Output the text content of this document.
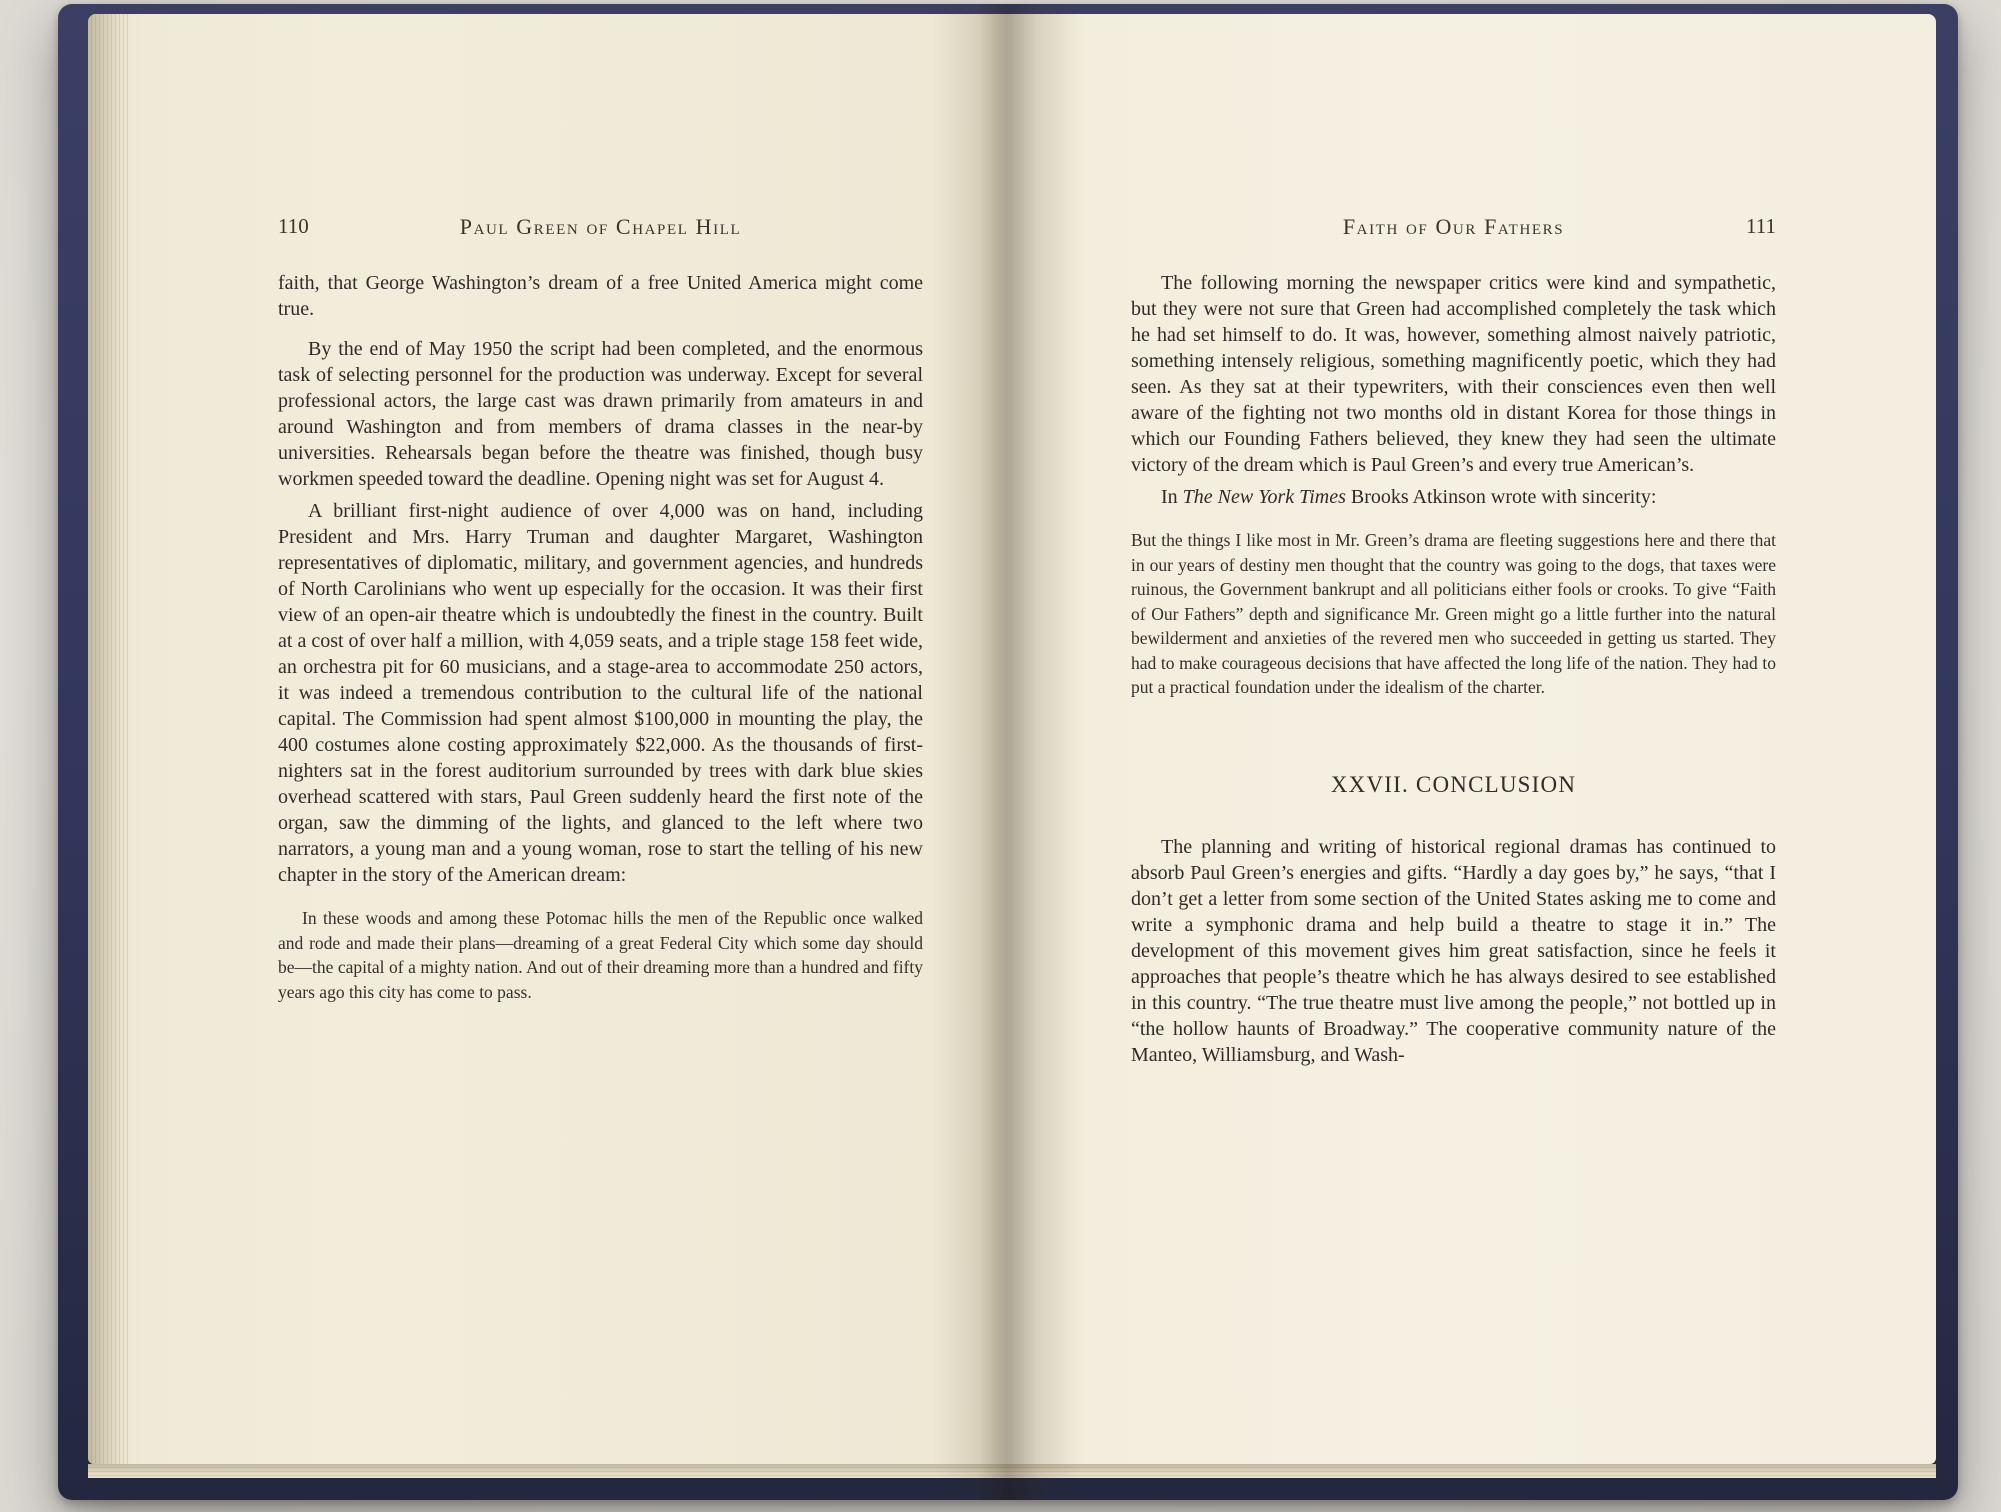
110	Paul Green of Chapel Hill

faith, that George Washington’s dream of a free United America might come true.

By the end of May 1950 the script had been completed, and the enormous task of selecting personnel for the production was underway. Except for several professional actors, the large cast was drawn primarily from amateurs in and around Washington and from members of drama classes in the near-by universities. Rehearsals began before the theatre was finished, though busy workmen speeded toward the deadline. Opening night was set for August 4.

A brilliant first-night audience of over 4,000 was on hand, including President and Mrs. Harry Truman and daughter Margaret, Washington representatives of diplomatic, military, and government agencies, and hundreds of North Carolinians who went up especially for the occasion. It was their first view of an open-air theatre which is undoubtedly the finest in the country. Built at a cost of over half a million, with 4,059 seats, and a triple stage 158 feet wide, an orchestra pit for 60 musicians, and a stage-area to accommodate 250 actors, it was indeed a tremendous contribution to the cultural life of the national capital. The Commission had spent almost $100,000 in mounting the play, the 400 costumes alone costing approximately $22,000. As the thousands of first-nighters sat in the forest auditorium surrounded by trees with dark blue skies overhead scattered with stars, Paul Green suddenly heard the first note of the organ, saw the dimming of the lights, and glanced to the left where two narrators, a young man and a young woman, rose to start the telling of his new chapter in the story of the American dream:

In these woods and among these Potomac hills the men of the Republic once walked and rode and made their plans—dreaming of a great Federal City which some day should be—the capital of a mighty nation. And out of their dreaming more than a hundred and fifty years ago this city has come to pass.
Faith of Our Fathers	111

The following morning the newspaper critics were kind and sympathetic, but they were not sure that Green had accomplished completely the task which he had set himself to do. It was, however, something almost naively patriotic, something intensely religious, something magnificently poetic, which they had seen. As they sat at their typewriters, with their consciences even then well aware of the fighting not two months old in distant Korea for those things in which our Founding Fathers believed, they knew they had seen the ultimate victory of the dream which is Paul Green’s and every true American’s.

In The New York Times Brooks Atkinson wrote with sincerity:

But the things I like most in Mr. Green’s drama are fleeting suggestions here and there that in our years of destiny men thought that the country was going to the dogs, that taxes were ruinous, the Government bankrupt and all politicians either fools or crooks. To give “Faith of Our Fathers” depth and significance Mr. Green might go a little further into the natural bewilderment and anxieties of the revered men who succeeded in getting us started. They had to make courageous decisions that have affected the long life of the nation. They had to put a practical foundation under the idealism of the charter.
XXVII. CONCLUSION

The planning and writing of historical regional dramas has continued to absorb Paul Green’s energies and gifts. “Hardly a day goes by,” he says, “that I don’t get a letter from some section of the United States asking me to come and write a symphonic drama and help build a theatre to stage it in.” The development of this movement gives him great satisfaction, since he feels it approaches that people’s theatre which he has always desired to see established in this country. “The true theatre must live among the people,” not bottled up in “the hollow haunts of Broadway.” The cooperative community nature of the Manteo, Williamsburg, and Wash-
